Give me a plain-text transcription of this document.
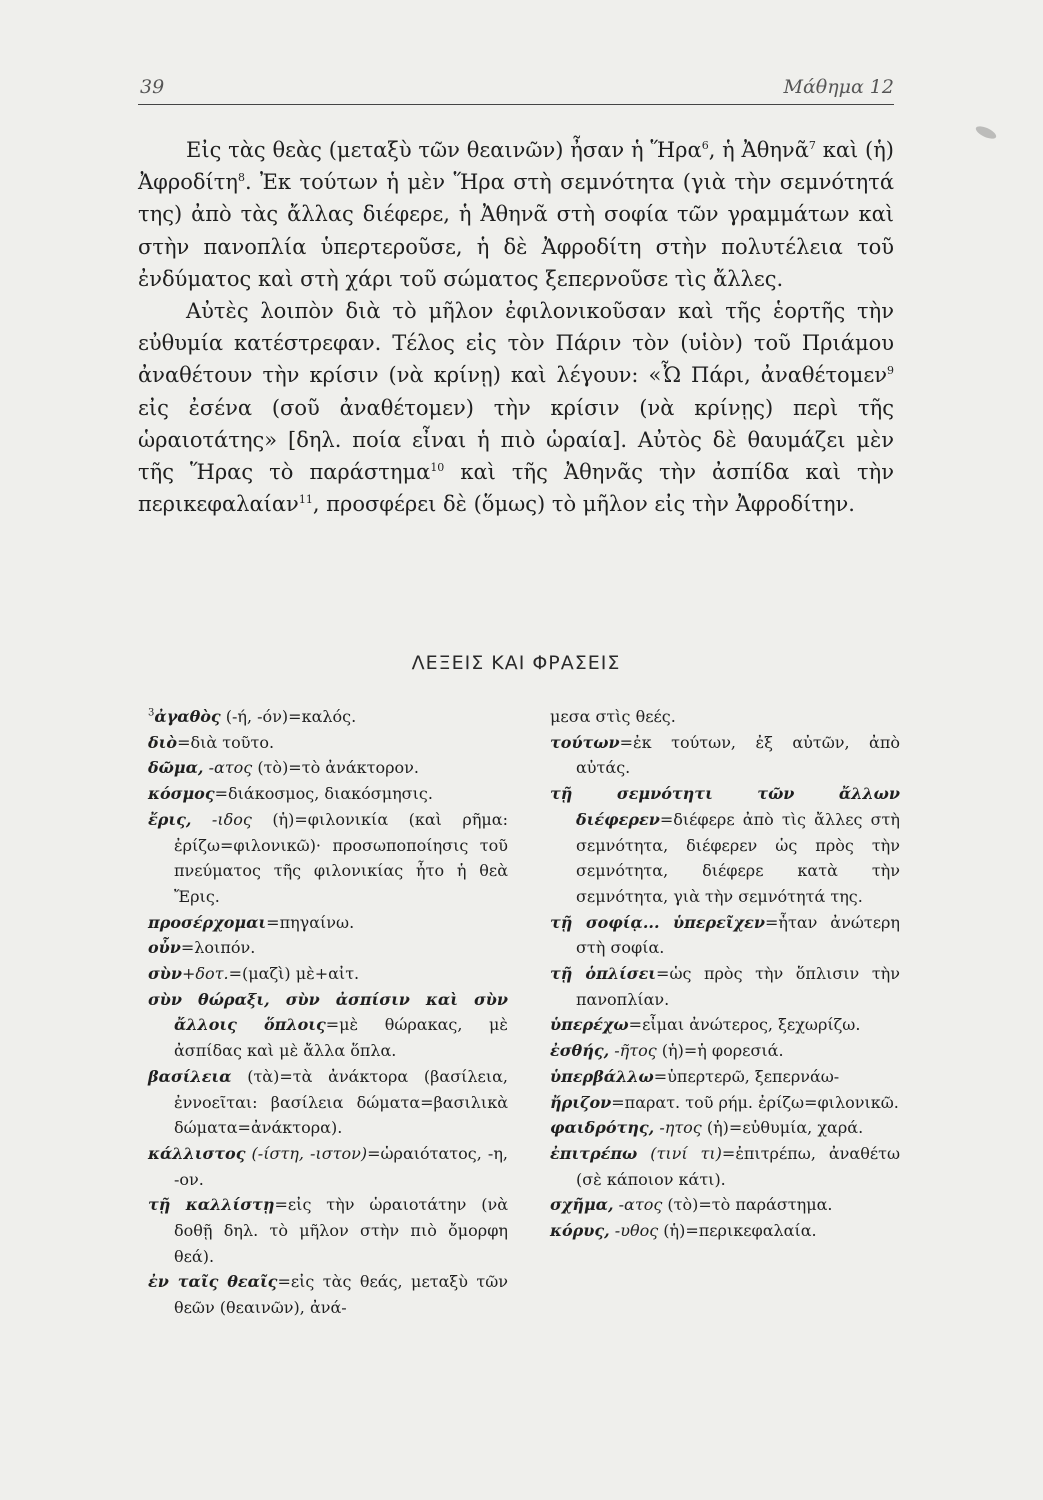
39	Μάθημα 12

Εἰς τὰς θεὰς (μεταξὺ τῶν θεαινῶν) ἦσαν ἡ Ἥρα$^6$, ἡ Ἀθηνᾶ$^7$ καὶ (ἡ) Ἀφροδίτη$^8$. Ἐκ τούτων ἡ μὲν Ἥρα στὴ σεμνότητα (γιὰ τὴν σεμνότητά της) ἀπὸ τὰς ἄλλας διέφερε, ἡ Ἀθηνᾶ στὴ σοφία τῶν γραμμάτων καὶ στὴν πανοπλία ὑπερτεροῦσε, ἡ δὲ Ἀφροδίτη στὴν πολυτέλεια τοῦ ἐνδύματος καὶ στὴ χάρι τοῦ σώματος ξεπερνοῦσε τὶς ἄλλες.

Αὐτὲς λοιπὸν διὰ τὸ μῆλον ἐφιλονικοῦσαν καὶ τῆς ἑορτῆς τὴν εὐθυμία κατέστρεφαν. Τέλος εἰς τὸν Πάριν τὸν (υἱὸν) τοῦ Πριάμου ἀναθέτουν τὴν κρίσιν (νὰ κρίνῃ) καὶ λέγουν: «Ὦ Πάρι, ἀναθέτομεν$^9$ εἰς ἐσένα (σοῦ ἀναθέτομεν) τὴν κρίσιν (νὰ κρίνῃς) περὶ τῆς ὡραιοτάτης» [δηλ. ποία εἶναι ἡ πιὸ ὡραία]. Αὐτὸς δὲ θαυμάζει μὲν τῆς Ἥρας τὸ παράστημα$^{10}$ καὶ τῆς Ἀθηνᾶς τὴν ἀσπίδα καὶ τὴν περικεφαλαίαν$^{11}$, προσφέρει δὲ (ὅμως) τὸ μῆλον εἰς τὴν Ἀφροδίτην.

ΛΕΞΕΙΣ ΚΑΙ ΦΡΑΣΕΙΣ

$^3$ἀγαθὸς (-ή, -όν)=καλός.

διὸ=διὰ τοῦτο.

δῶμα, -ατος (τὸ)=τὸ ἀνάκτορον.

κόσμος=διάκοσμος, διακόσμησις.

ἔρις, -ιδος (ἡ)=φιλονικία (καὶ ρῆμα: ἐρίζω=φιλονικῶ)· προσωποποίησις τοῦ πνεύματος τῆς φιλονικίας ἦτο ἡ θεὰ Ἔρις.

προσέρχομαι=πηγαίνω.

οὖν=λοιπόν.

σὺν+δοτ.=(μαζὶ) μὲ+αἰτ.

σὺν θώραξι, σὺν ἀσπίσιν καὶ σὺν ἄλλοις ὅπλοις=μὲ θώρακας, μὲ ἀσπίδας καὶ μὲ ἄλλα ὅπλα.

βασίλεια (τὰ)=τὰ ἀνάκτορα (βασίλεια, ἐννοεῖται: βασίλεια δώματα=βασιλικὰ δώματα=ἀνάκτορα).

κάλλιστος (-ίστη, -ιστον)=ὡραιότατος, -η, -ον.

τῇ καλλίστῃ=εἰς τὴν ὡραιοτάτην (νὰ δοθῇ δηλ. τὸ μῆλον στὴν πιὸ ὄμορφη θεά).

ἐν ταῖς θεαῖς=εἰς τὰς θεάς, μεταξὺ τῶν θεῶν (θεαινῶν), ἀνά-

μεσα στὶς θεές.

τούτων=ἐκ τούτων, ἐξ αὐτῶν, ἀπὸ αὐτάς.

τῇ σεμνότητι τῶν ἄλλων διέφερεν=διέφερε ἀπὸ τὶς ἄλλες στὴ σεμνότητα, διέφερεν ὡς πρὸς τὴν σεμνότητα, διέφερε κατὰ τὴν σεμνότητα, γιὰ τὴν σεμνότητά της.

τῇ σοφίᾳ... ὑπερεῖχεν=ἦταν ἀνώτερη στὴ σοφία.

τῇ ὁπλίσει=ὡς πρὸς τὴν ὅπλισιν τὴν πανοπλίαν.

ὑπερέχω=εἶμαι ἀνώτερος, ξεχωρίζω.

ἐσθής, -ῆτος (ἡ)=ἡ φορεσιά.

ὑπερβάλλω=ὑπερτερῶ, ξεπερνάω-

ἤριζον=παρατ. τοῦ ρήμ. ἐρίζω=φιλονικῶ.

φαιδρότης, -ητος (ἡ)=εὐθυμία, χαρά.

ἐπιτρέπω (τινί τι)=ἐπιτρέπω, ἀναθέτω (σὲ κάποιον κάτι).

σχῆμα, -ατος (τὸ)=τὸ παράστημα.

κόρυς, -υθος (ἡ)=περικεφαλαία.
